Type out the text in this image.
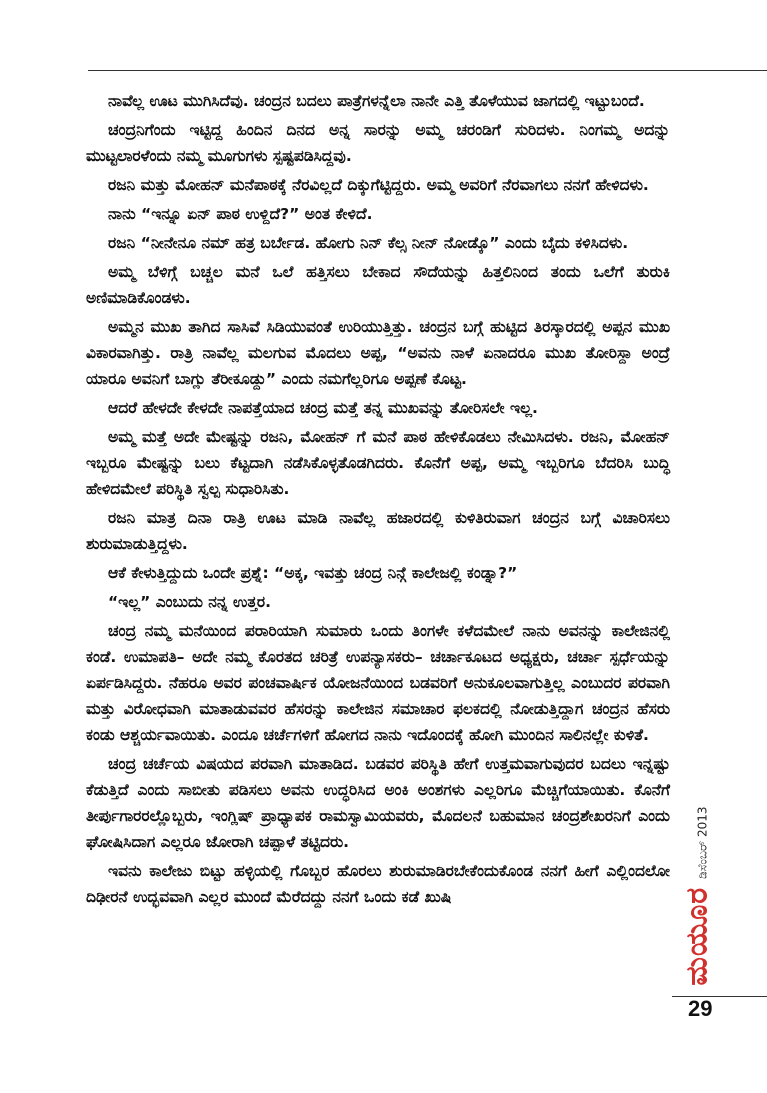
ನಾವೆಲ್ಲ ಊಟ ಮುಗಿಸಿದೆವು. ಚಂದ್ರನ ಬದಲು ಪಾತ್ರೆಗಳನ್ನೆಲಾ ನಾನೇ ಎತ್ತಿ ತೊಳೆಯುವ ಜಾಗದಲ್ಲಿ ಇಟ್ಟುಬಂದೆ.

ಚಂದ್ರನಿಗೆಂದು ಇಟ್ಟಿದ್ದ ಹಿಂದಿನ ದಿನದ ಅನ್ನ ಸಾರನ್ನು ಅಮ್ಮ ಚರಂಡಿಗೆ ಸುರಿದಳು. ನಿಂಗಮ್ಮ ಅದನ್ನು ಮುಟ್ಟಲಾರಳೆಂದು ನಮ್ಮ ಮೂಗುಗಳು ಸ್ಪಷ್ಟಪಡಿಸಿದ್ದವು.

ರಜನಿ ಮತ್ತು ಮೋಹನ್ ಮನೆಪಾಠಕ್ಕೆ ನೆರವಿಲ್ಲದೆ ದಿಕ್ಕುಗೆಟ್ಟಿದ್ದರು. ಅಮ್ಮ ಅವರಿಗೆ ನೆರವಾಗಲು ನನಗೆ ಹೇಳಿದಳು.

ನಾನು “ಇನ್ನೂ ಏನ್ ಪಾಠ ಉಳ್ದಿದೆ?” ಅಂತ ಕೇಳಿದೆ.

ರಜನಿ “ನೀನೇನೂ ನಮ್ ಹತ್ರ ಬರ್ಬೇಡ. ಹೋಗು ನಿನ್ ಕೆಲ್ಸ ನೀನ್ ನೋಡ್ಕೊ” ಎಂದು ಬೈದು ಕಳಿಸಿದಳು.

ಅಮ್ಮ ಬೆಳಿಗ್ಗೆ ಬಚ್ಚಲ ಮನೆ ಒಲೆ ಹತ್ತಿಸಲು ಬೇಕಾದ ಸೌದೆಯನ್ನು ಹಿತ್ತಲಿನಿಂದ ತಂದು ಒಲೆಗೆ ತುರುಕಿ ಅಣಿಮಾಡಿಕೊಂಡಳು.

ಅಮ್ಮನ ಮುಖ ತಾಗಿದ ಸಾಸಿವೆ ಸಿಡಿಯುವಂತೆ ಉರಿಯುತ್ತಿತ್ತು. ಚಂದ್ರನ ಬಗ್ಗೆ ಹುಟ್ಟಿದ ತಿರಸ್ಕಾರದಲ್ಲಿ ಅಪ್ಪನ ಮುಖ ವಿಕಾರವಾಗಿತ್ತು. ರಾತ್ರಿ ನಾವೆಲ್ಲ ಮಲಗುವ ಮೊದಲು ಅಪ್ಪ, “ಅವನು ನಾಳೆ ಏನಾದರೂ ಮುಖ ತೋರಿಸ್ದಾ ಅಂದ್ರೆ ಯಾರೂ ಅವನಿಗೆ ಬಾಗ್ಲು ತೆರೀಕೂಡ್ದು” ಎಂದು ನಮಗೆಲ್ಲರಿಗೂ ಅಪ್ಪಣೆ ಕೊಟ್ಟ.

ಆದರೆ ಹೇಳದೇ ಕೇಳದೇ ನಾಪತ್ತೆಯಾದ ಚಂದ್ರ ಮತ್ತೆ ತನ್ನ ಮುಖವನ್ನು ತೋರಿಸಲೇ ಇಲ್ಲ.

ಅಮ್ಮ ಮತ್ತೆ ಅದೇ ಮೇಷ್ಟನ್ನು ರಜನಿ, ಮೋಹನ್ ಗೆ ಮನೆ ಪಾಠ ಹೇಳಿಕೊಡಲು ನೇಮಿಸಿದಳು. ರಜನಿ, ಮೋಹನ್ ಇಬ್ಬರೂ ಮೇಷ್ಟನ್ನು ಬಲು ಕೆಟ್ಟದಾಗಿ ನಡೆಸಿಕೊಳ್ಳತೊಡಗಿದರು. ಕೊನೆಗೆ ಅಪ್ಪ, ಅಮ್ಮ ಇಬ್ಬರಿಗೂ ಬೆದರಿಸಿ ಬುದ್ಧಿ ಹೇಳಿದಮೇಲೆ ಪರಿಸ್ಥಿತಿ ಸ್ವಲ್ಪ ಸುಧಾರಿಸಿತು.

ರಜನಿ ಮಾತ್ರ ದಿನಾ ರಾತ್ರಿ ಊಟ ಮಾಡಿ ನಾವೆಲ್ಲ ಹಜಾರದಲ್ಲಿ ಕುಳಿತಿರುವಾಗ ಚಂದ್ರನ ಬಗ್ಗೆ ವಿಚಾರಿಸಲು ಶುರುಮಾಡುತ್ತಿದ್ದಳು.

ಆಕೆ ಕೇಳುತ್ತಿದ್ದುದು ಒಂದೇ ಪ್ರಶ್ನೆ: “ಅಕ್ಕ, ಇವತ್ತು ಚಂದ್ರ ನಿನ್ಗೆ ಕಾಲೇಜಲ್ಲಿ ಕಂಡ್ನಾ?”

“ಇಲ್ಲ” ಎಂಬುದು ನನ್ನ ಉತ್ತರ.

ಚಂದ್ರ ನಮ್ಮ ಮನೆಯಿಂದ ಪರಾರಿಯಾಗಿ ಸುಮಾರು ಒಂದು ತಿಂಗಳೇ ಕಳೆದಮೇಲೆ ನಾನು ಅವನನ್ನು ಕಾಲೇಜಿನಲ್ಲಿ ಕಂಡೆ. ಉಮಾಪತಿ– ಅದೇ ನಮ್ಮ ಕೊರತದ ಚರಿತ್ರೆ ಉಪನ್ಯಾಸಕರು– ಚರ್ಚಾಕೂಟದ ಅಧ್ಯಕ್ಷರು, ಚರ್ಚಾ ಸ್ಪರ್ಧೆಯನ್ನು ಏರ್ಪಡಿಸಿದ್ದರು. ನೆಹರೂ ಅವರ ಪಂಚವಾರ್ಷಿಕ ಯೋಜನೆಯಿಂದ ಬಡವರಿಗೆ ಅನುಕೂಲವಾಗುತ್ತಿಲ್ಲ ಎಂಬುದರ ಪರವಾಗಿ ಮತ್ತು ವಿರೋಧವಾಗಿ ಮಾತಾಡುವವರ ಹೆಸರನ್ನು ಕಾಲೇಜಿನ ಸಮಾಚಾರ ಫಲಕದಲ್ಲಿ ನೋಡುತ್ತಿದ್ದಾಗ ಚಂದ್ರನ ಹೆಸರು ಕಂಡು ಆಶ್ಚರ್ಯವಾಯಿತು. ಎಂದೂ ಚರ್ಚೆಗಳಿಗೆ ಹೋಗದ ನಾನು ಇದೊಂದಕ್ಕೆ ಹೋಗಿ ಮುಂದಿನ ಸಾಲಿನಲ್ಲೇ ಕುಳಿತೆ.

ಚಂದ್ರ ಚರ್ಚೆಯ ವಿಷಯದ ಪರವಾಗಿ ಮಾತಾಡಿದ. ಬಡವರ ಪರಿಸ್ಥಿತಿ ಹೇಗೆ ಉತ್ತಮವಾಗುವುದರ ಬದಲು ಇನ್ನಷ್ಟು ಕೆಡುತ್ತಿದೆ ಎಂದು ಸಾಬೀತು ಪಡಿಸಲು ಅವನು ಉದ್ಧರಿಸಿದ ಅಂಕಿ ಅಂಶಗಳು ಎಲ್ಲರಿಗೂ ಮೆಚ್ಚಿಗೆಯಾಯಿತು. ಕೊನೆಗೆ ತೀರ್ಪುಗಾರರಲ್ಲೊಬ್ಬರು, ಇಂಗ್ಲಿಷ್ ಪ್ರಾಧ್ಯಾಪಕ ರಾಮಸ್ವಾಮಿಯವರು, ಮೊದಲನೆ ಬಹುಮಾನ ಚಂದ್ರಶೇಖರನಿಗೆ ಎಂದು ಘೋಷಿಸಿದಾಗ ಎಲ್ಲರೂ ಜೋರಾಗಿ ಚಪ್ಪಾಳೆ ತಟ್ಟಿದರು.

ಇವನು ಕಾಲೇಜು ಬಿಟ್ಟು ಹಳ್ಳಿಯಲ್ಲಿ ಗೊಬ್ಬರ ಹೊರಲು ಶುರುಮಾಡಿರಬೇಕೆಂದುಕೊಂಡ ನನಗೆ ಹೀಗೆ ಎಲ್ಲಿಂದಲೋ ದಿಢೀರನೆ ಉದ್ಭವವಾಗಿ ಎಲ್ಲರ ಮುಂದೆ ಮೆರೆದದ್ದು ನನಗೆ ಒಂದು ಕಡೆ ಖುಷಿ	ಮಯೂರಡಿಸೆಂಬರ್ 2013
29
